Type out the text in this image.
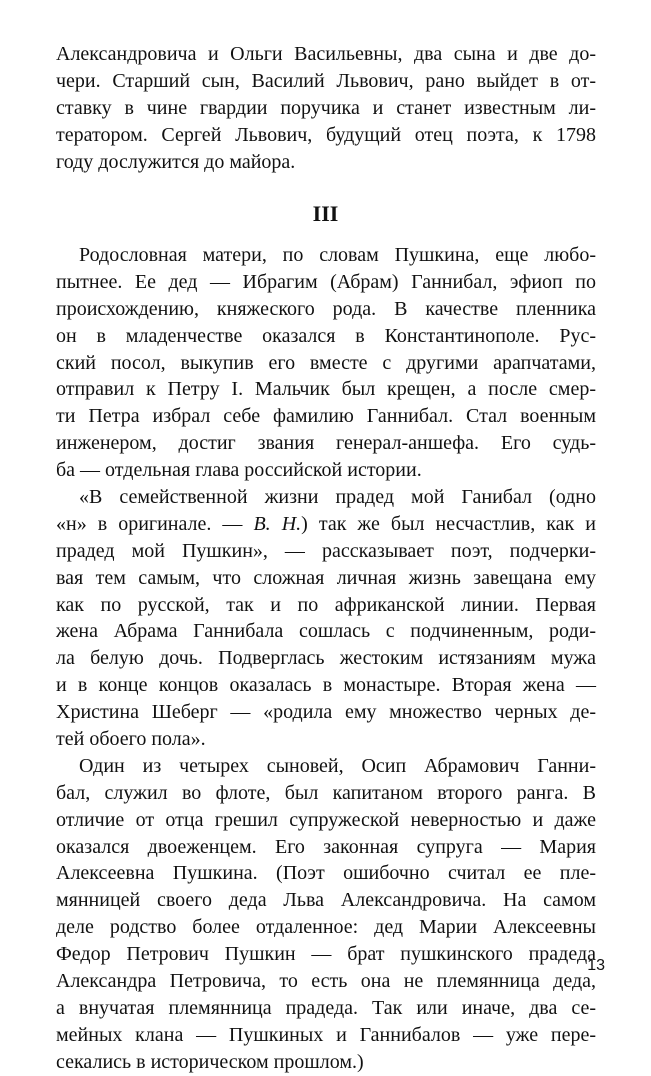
Александровича и Ольги Васильевны, два сына и две до-
чери. Старший сын, Василий Львович, рано выйдет в от-
ставку в чине гвардии поручика и станет известным ли-
тератором. Сергей Львович, будущий отец поэта, к 1798
году дослужится до майора.
III
Родословная матери, по словам Пушкина, еще любо-
пытнее. Ее дед — Ибрагим (Абрам) Ганнибал, эфиоп по
происхождению, княжеского рода. В качестве пленника
он в младенчестве оказался в Константинополе. Рус-
ский посол, выкупив его вместе с другими арапчатами,
отправил к Петру I. Мальчик был крещен, а после смер-
ти Петра избрал себе фамилию Ганнибал. Стал военным
инженером, достиг звания генерал-аншефа. Его судь-
ба — отдельная глава российской истории.
«В семейственной жизни прадед мой Ганибал (одно
«н» в оригинале. — В. Н.) так же был несчастлив, как и
прадед мой Пушкин», — рассказывает поэт, подчерки-
вая тем самым, что сложная личная жизнь завещана ему
как по русской, так и по африканской линии. Первая
жена Абрама Ганнибала сошлась с подчиненным, роди-
ла белую дочь. Подверглась жестоким истязаниям мужа
и в конце концов оказалась в монастыре. Вторая жена —
Христина Шеберг — «родила ему множество черных де-
тей обоего пола».
Один из четырех сыновей, Осип Абрамович Ганни-
бал, служил во флоте, был капитаном второго ранга. В
отличие от отца грешил супружеской неверностью и даже
оказался двоеженцем. Его законная супруга — Мария
Алексеевна Пушкина. (Поэт ошибочно считал ее пле-
мянницей своего деда Льва Александровича. На самом
деле родство более отдаленное: дед Марии Алексеевны
Федор Петрович Пушкин — брат пушкинского прадеда
Александра Петровича, то есть она не племянница деда,
а внучатая племянница прадеда. Так или иначе, два се-
мейных клана — Пушкиных и Ганнибалов — уже пере-
секались в историческом прошлом.)
13
